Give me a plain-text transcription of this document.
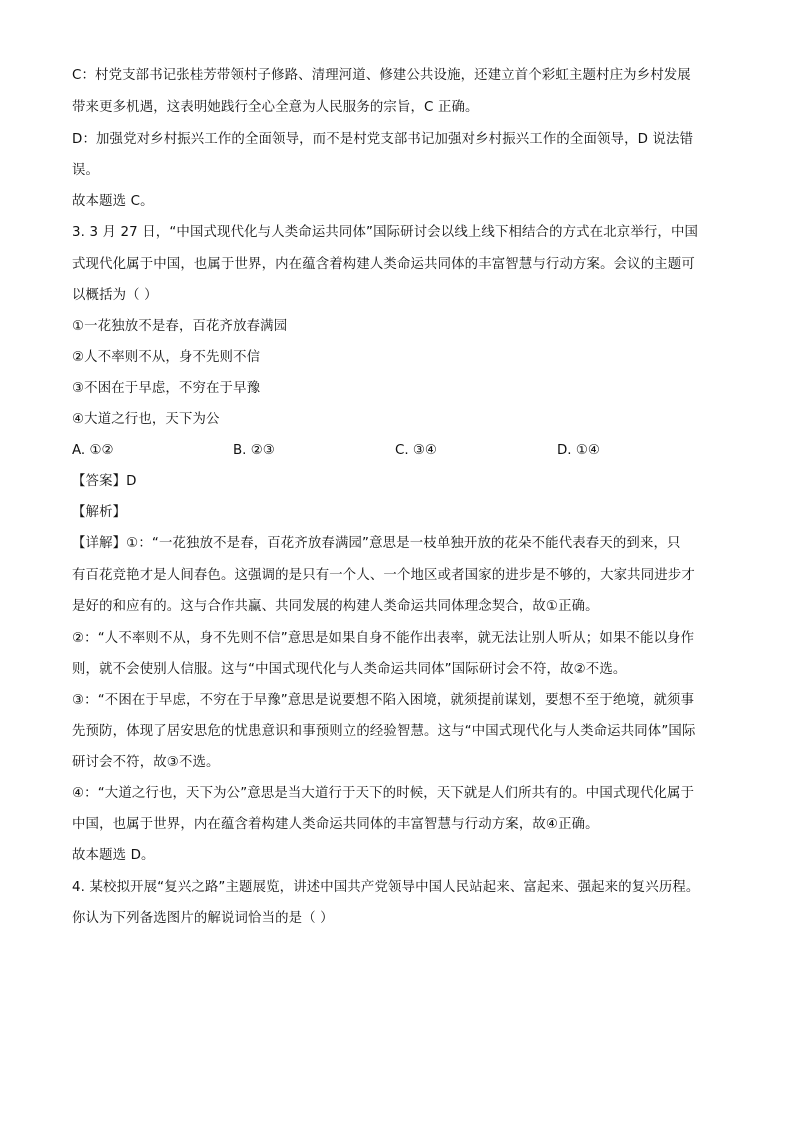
C：村党支部书记张桂芳带领村子修路、清理河道、修建公共设施，还建立首个彩虹主题村庄为乡村发展
带来更多机遇，这表明她践行全心全意为人民服务的宗旨，C 正确。
D：加强党对乡村振兴工作的全面领导，而不是村党支部书记加强对乡村振兴工作的全面领导，D 说法错
误。
故本题选 C。
3. 3 月 27 日，“中国式现代化与人类命运共同体”国际研讨会以线上线下相结合的方式在北京举行，中国
式现代化属于中国，也属于世界，内在蕴含着构建人类命运共同体的丰富智慧与行动方案。会议的主题可
以概括为（ ）
①一花独放不是春，百花齐放春满园
②人不率则不从，身不先则不信
③不困在于早虑，不穷在于早豫
④大道之行也，天下为公
A. ①②	B. ②③	C. ③④	D. ①④
【答案】D
【解析】
【详解】①：“一花独放不是春，百花齐放春满园”意思是一枝单独开放的花朵不能代表春天的到来，只
有百花竞艳才是人间春色。这强调的是只有一个人、一个地区或者国家的进步是不够的，大家共同进步才
是好的和应有的。这与合作共赢、共同发展的构建人类命运共同体理念契合，故①正确。
②：“人不率则不从，身不先则不信”意思是如果自身不能作出表率，就无法让别人听从；如果不能以身作
则，就不会使别人信服。这与“中国式现代化与人类命运共同体”国际研讨会不符，故②不选。
③：“不困在于早虑，不穷在于早豫”意思是说要想不陷入困境，就须提前谋划，要想不至于绝境，就须事
先预防，体现了居安思危的忧患意识和事预则立的经验智慧。这与“中国式现代化与人类命运共同体”国际
研讨会不符，故③不选。
④：“大道之行也，天下为公”意思是当大道行于天下的时候，天下就是人们所共有的。中国式现代化属于
中国，也属于世界，内在蕴含着构建人类命运共同体的丰富智慧与行动方案，故④正确。
故本题选 D。
4. 某校拟开展“复兴之路”主题展览，讲述中国共产党领导中国人民站起来、富起来、强起来的复兴历程。
你认为下列备选图片的解说词恰当的是（ ）
